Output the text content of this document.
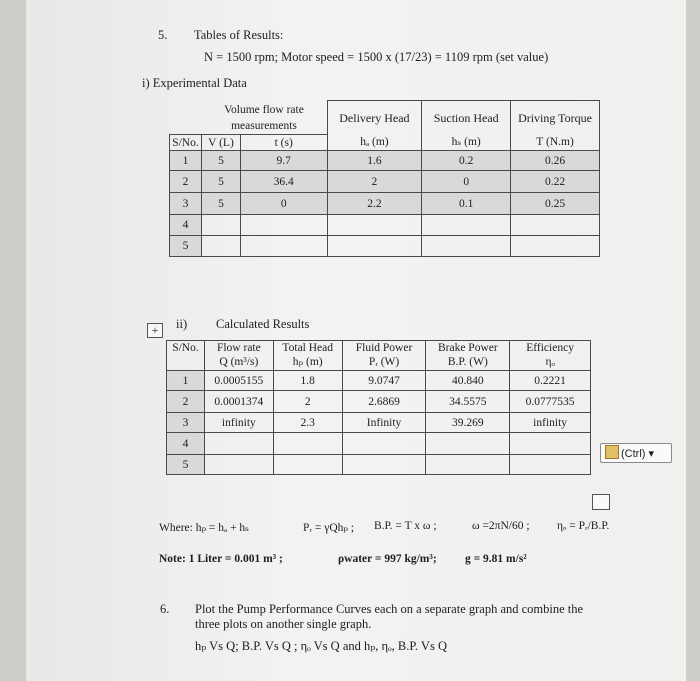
5. Tables of Results:
N = 1500 rpm; Motor speed = 1500 x (17/23) = 1109 rpm (set value)
i) Experimental Data
	Volume flow rate		Delivery Head	Suction Head	Driving Torque
	measurements				
S/No.	V (L)	t (s)	hₐ (m)	hₛ (m)	T (N.m)
1	5	9.7	1.6	0.2	0.26
2	5	36.4	2	0	0.22
3	5	0	2.2	0.1	0.25
4					
5					
+	ii) Calculated Results
S/No.	Flow rate	Total Head	Fluid Power	Brake Power	Efficiency
	Q (m³/s)	hₚ (m)	Pᵣ (W)	B.P. (W)	ηₒ
1	0.0005155	1.8	9.0747	40.840	0.2221
2	0.0001374	2	2.6869	34.5575	0.0777535
3	infinity	2.3	Infinity	39.269	infinity
4					
5					
(Ctrl) ▾
Where: hₚ = hₐ + hₛ	Pᵣ = γQhₚ ; B.P. = T x ω ;	ω =2πN/60 ; ηₒ = Pᵣ/B.P.
Note: 1 Liter = 0.001 m³ ;	ρwater = 997 kg/m³; g = 9.81 m/s²
6. Plot the Pump Performance Curves each on a separate graph and combine the
three plots on another single graph.
hₚ Vs Q; B.P. Vs Q ; ηₒ Vs Q and hₚ, ηₒ, B.P. Vs Q
